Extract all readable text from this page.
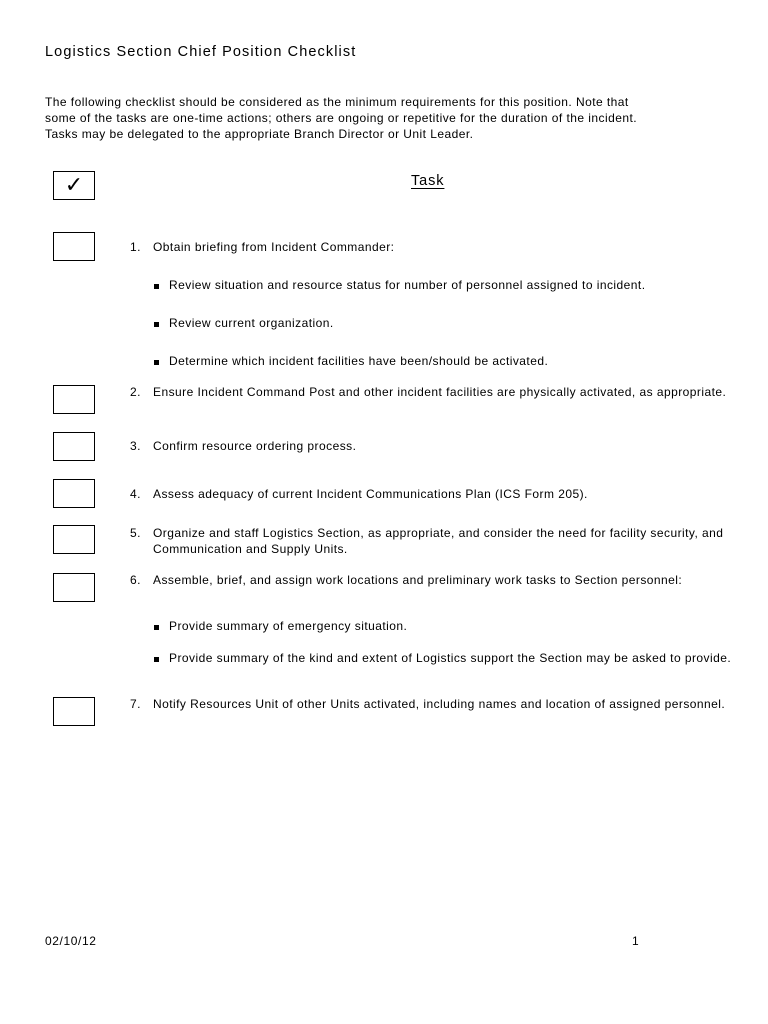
Logistics Section Chief Position Checklist
The following checklist should be considered as the minimum requirements for this position. Note that
some of the tasks are one-time actions; others are ongoing or repetitive for the duration of the incident.
Tasks may be delegated to the appropriate Branch Director or Unit Leader.
✓	Task
1. Obtain briefing from Incident Commander:
Review situation and resource status for number of personnel assigned to incident.
Review current organization.
Determine which incident facilities have been/should be activated.
2. Ensure Incident Command Post and other incident facilities are physically activated, as appropriate.
3. Confirm resource ordering process.
4. Assess adequacy of current Incident Communications Plan (ICS Form 205).
5. Organize and staff Logistics Section, as appropriate, and consider the need for facility security, and Communication and Supply Units.
6. Assemble, brief, and assign work locations and preliminary work tasks to Section personnel:
Provide summary of emergency situation.
Provide summary of the kind and extent of Logistics support the Section may be asked to provide.
7. Notify Resources Unit of other Units activated, including names and location of assigned personnel.
02/10/12	1
